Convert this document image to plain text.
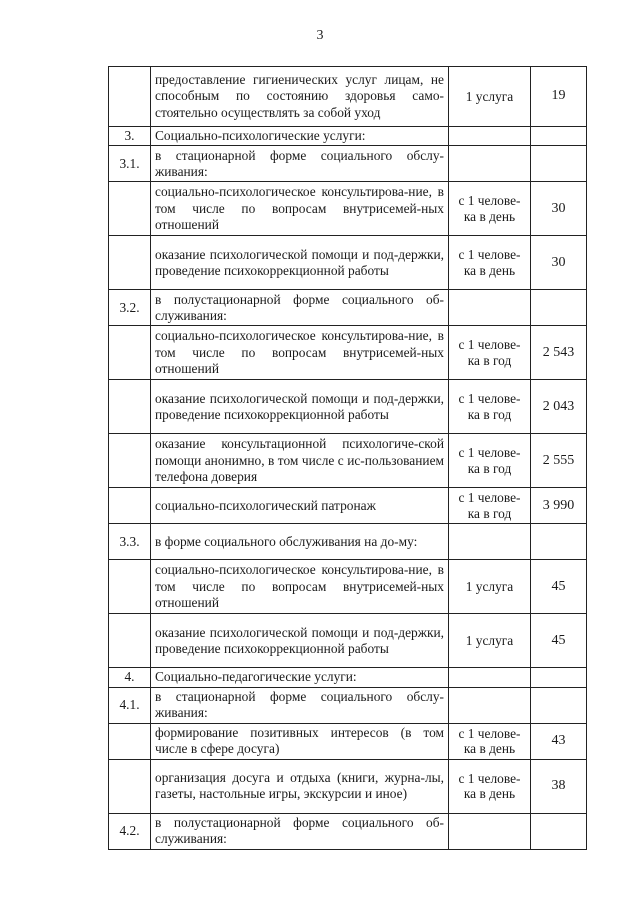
3
	предоставление гигиенических услуг лицам, не способным по состоянию здоровья само-стоятельно осуществлять за собой уход	1 услуга	19
3.	Социально-психологические услуги:		
3.1.	в стационарной форме социального обслу-живания:		
	социально-психологическое консультирова-ние, в том числе по вопросам внутрисемей-ных отношений	с 1 челове-ка в день	30
	оказание психологической помощи и под-держки, проведение психокоррекционной работы	с 1 челове-ка в день	30
3.2.	в полустационарной форме социального об-служивания:		
	социально-психологическое консультирова-ние, в том числе по вопросам внутрисемей-ных отношений	с 1 челове-ка в год	2 543
	оказание психологической помощи и под-держки, проведение психокоррекционной работы	с 1 челове-ка в год	2 043
	оказание консультационной психологиче-ской помощи анонимно, в том числе с ис-пользованием телефона доверия	с 1 челове-ка в год	2 555
	социально-психологический патронаж	с 1 челове-ка в год	3 990
3.3.	в форме социального обслуживания на до-му:		
	социально-психологическое консультирова-ние, в том числе по вопросам внутрисемей-ных отношений	1 услуга	45
	оказание психологической помощи и под-держки, проведение психокоррекционной работы	1 услуга	45
4.	Социально-педагогические услуги:		
4.1.	в стационарной форме социального обслу-живания:		
	формирование позитивных интересов (в том числе в сфере досуга)	с 1 челове-ка в день	43
	организация досуга и отдыха (книги, журна-лы, газеты, настольные игры, экскурсии и иное)	с 1 челове-ка в день	38
4.2.	в полустационарной форме социального об-служивания:		
